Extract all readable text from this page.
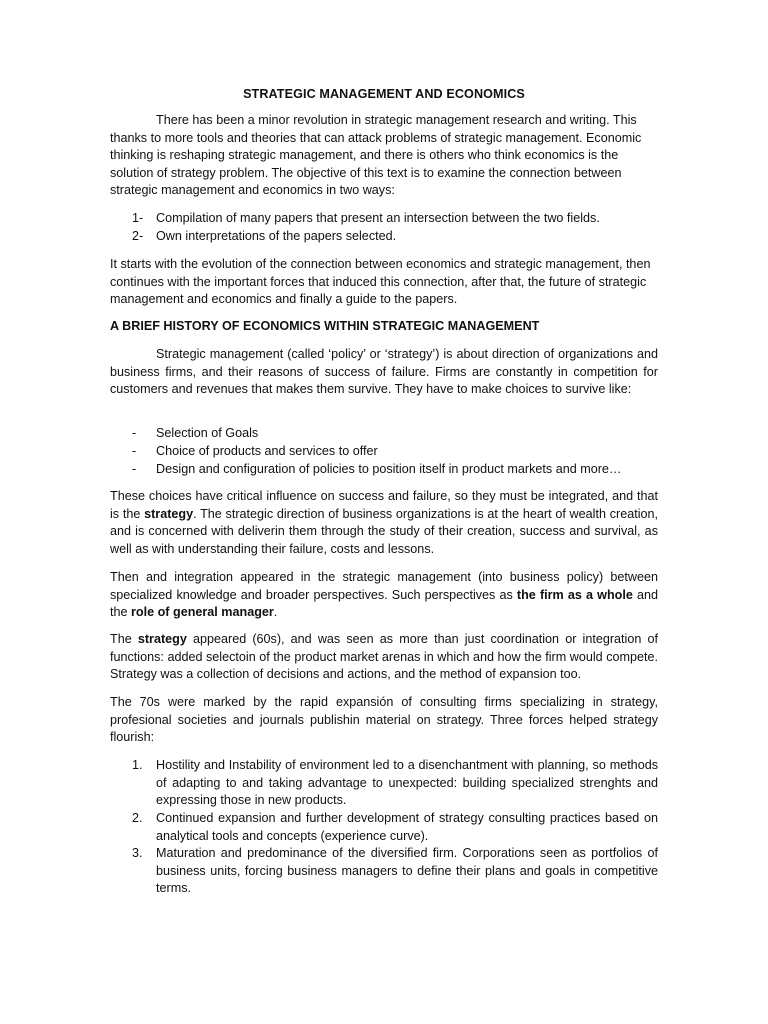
STRATEGIC MANAGEMENT AND ECONOMICS

There has been a minor revolution in strategic management research and writing. This thanks to more tools and theories that can attack problems of strategic management. Economic thinking is reshaping strategic management, and there is others who think economics is the solution of strategy problem. The objective of this text is to examine the connection between strategic management and economics in two ways:

1- Compilation of many papers that present an intersection between the two fields.
2- Own interpretations of the papers selected.

It starts with the evolution of the connection between economics and strategic management, then continues with the important forces that induced this connection, after that, the future of strategic management and economics and finally a guide to the papers.

A BRIEF HISTORY OF ECONOMICS WITHIN STRATEGIC MANAGEMENT

Strategic management (called ‘policy’ or ‘strategy’) is about direction of organizations and business firms, and their reasons of success of failure. Firms are constantly in competition for customers and revenues that makes them survive. They have to make choices to survive like:

- Selection of Goals
- Choice of products and services to offer
- Design and configuration of policies to position itself in product markets and more…

These choices have critical influence on success and failure, so they must be integrated, and that is the strategy. The strategic direction of business organizations is at the heart of wealth creation, and is concerned with deliverin them through the study of their creation, success and survival, as well as with understanding their failure, costs and lessons.

Then and integration appeared in the strategic management (into business policy) between specialized knowledge and broader perspectives. Such perspectives as the firm as a whole and the role of general manager.

The strategy appeared (60s), and was seen as more than just coordination or integration of functions: added selectoin of the product market arenas in which and how the firm would compete. Strategy was a collection of decisions and actions, and the method of expansion too.

The 70s were marked by the rapid expansión of consulting firms specializing in strategy, profesional societies and journals publishin material on strategy. Three forces helped strategy flourish:

1. Hostility and Instability of environment led to a disenchantment with planning, so methods of adapting to and taking advantage to unexpected: building specialized strenghts and expressing those in new products.
2. Continued expansion and further development of strategy consulting practices based on analytical tools and concepts (experience curve).
3. Maturation and predominance of the diversified firm. Corporations seen as portfolios of business units, forcing business managers to define their plans and goals in competitive terms.
